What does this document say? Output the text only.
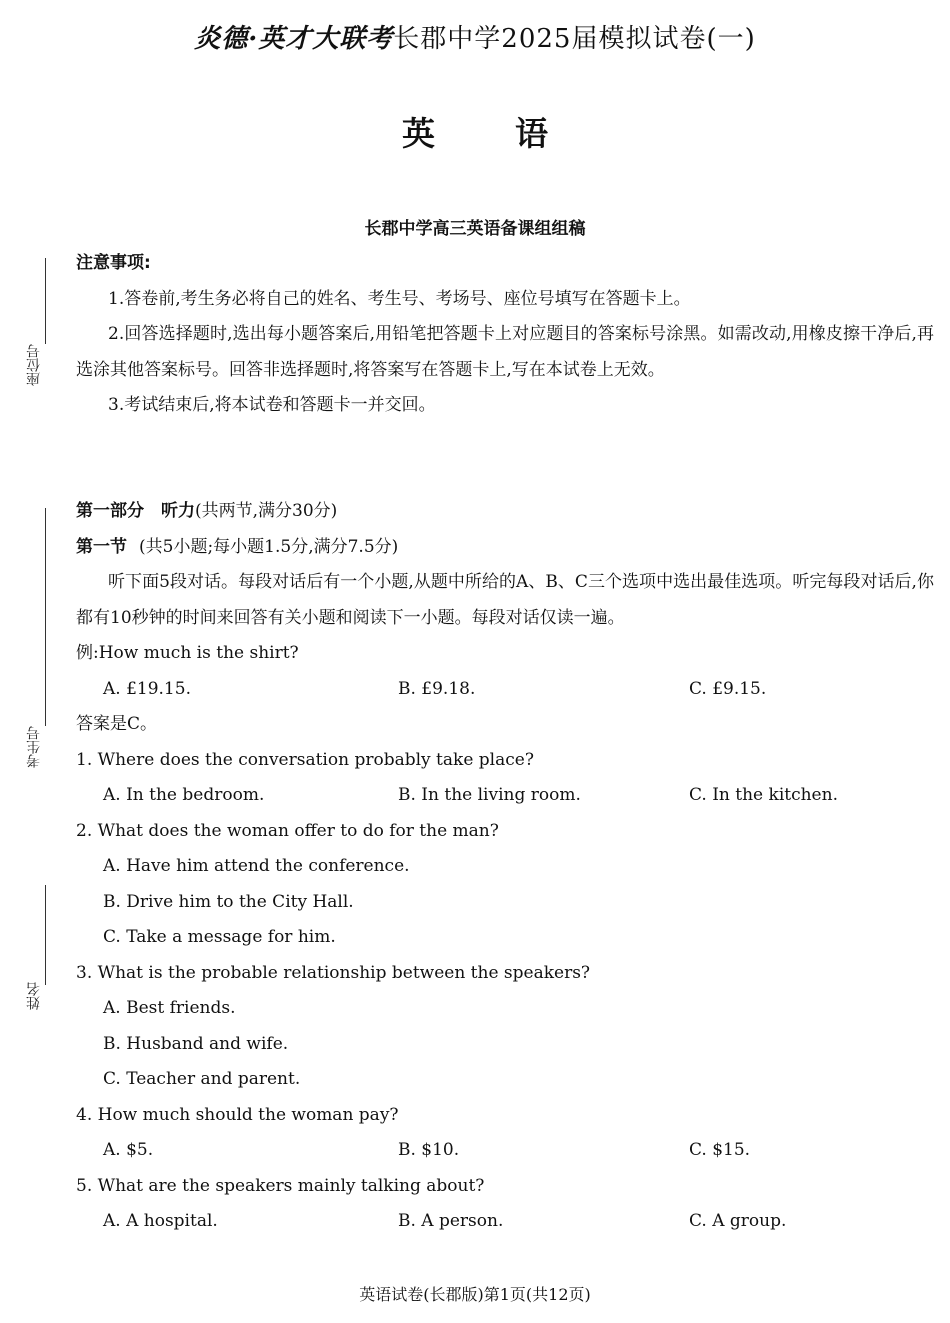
炎德·英才大联考长郡中学2025届模拟试卷(一)
英 语
长郡中学高三英语备课组组稿
座位号
考生号
姓名
注意事项:
1.答卷前,考生务必将自己的姓名、考生号、考场号、座位号填写在答题卡上。
2.回答选择题时,选出每小题答案后,用铅笔把答题卡上对应题目的答案标号涂黑。如需改动,用橡皮擦干净后,再选涂其他答案标号。回答非选择题时,将答案写在答题卡上,写在本试卷上无效。
3.考试结束后,将本试卷和答题卡一并交回。
第一部分　听力(共两节,满分30分)
第一节 (共5小题;每小题1.5分,满分7.5分)
听下面5段对话。每段对话后有一个小题,从题中所给的A、B、C三个选项中选出最佳选项。听完每段对话后,你都有10秒钟的时间来回答有关小题和阅读下一小题。每段对话仅读一遍。
例:How much is the shirt?
A. £19.15.	B. £9.18.	C. £9.15.
答案是C。
1. Where does the conversation probably take place?
A. In the bedroom.	B. In the living room.	C. In the kitchen.
2. What does the woman offer to do for the man?
A. Have him attend the conference.
B. Drive him to the City Hall.
C. Take a message for him.
3. What is the probable relationship between the speakers?
A. Best friends.
B. Husband and wife.
C. Teacher and parent.
4. How much should the woman pay?
A. $5.	B. $10.	C. $15.
5. What are the speakers mainly talking about?
A. A hospital.	B. A person.	C. A group.
英语试卷(长郡版)第1页(共12页)
